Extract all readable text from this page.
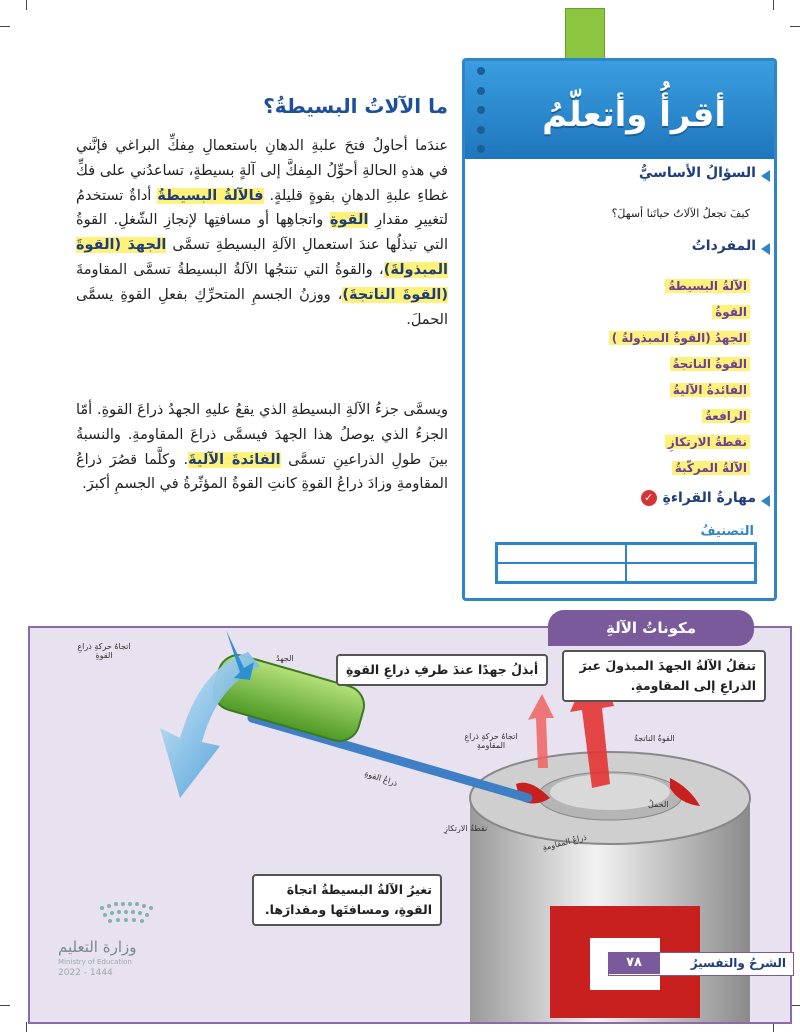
أقرأُ وأتعلّمُ
السؤالُ الأساسيُّ
كيفَ تجعلُ الآلاتُ حياتَنا أسهلَ؟
المفرداتُ
الآلةُ البسيطةُ
القوةُ
الجهدُ (القوةُ المبذولةُ )
القوةُ الناتجةُ
الفائدةُ الآليةُ
الرافعةُ
نقطةُ الارتكازِ
الآلةُ المركّبةُ
مهارةُ القراءةِ
✓
التصنيفُ
ما الآلاتُ البسيطةُ؟
عندَما أحاولُ فتحَ علبةِ الدهانِ باستعمالِ مِفكِّ البراغي فإنَّني في هذهِ الحالةِ أحوِّلُ المِفكَّ إلى آلةٍ بسيطةٍ، تساعدُني على فكِّ غطاءِ علبةِ الدهانِ بقوةٍ قليلةٍ. فالآلةُ البسيطةُ أداةٌ تستخدمُ لتغييرِ مقدارِ القوةِ واتجاهِها أو مسافتِها لإنجازِ الشّغلِ. القوةُ التي تبذلُها عندَ استعمالِ الآلةِ البسيطةِ تسمَّى الجهدَ (القوةَ المبذولةَ)، والقوةُ التي تنتجُها الآلةُ البسيطةُ تسمَّى المقاومةَ (القوةَ الناتجةَ)، ووزنُ الجسمِ المتحرِّكِ بفعلِ القوةِ يسمَّى الحملَ.
ويسمَّى جزءُ الآلةِ البسيطةِ الذي يقعُ عليهِ الجهدُ ذراعَ القوةِ. أمّا الجزءُ الذي يوصلُ هذا الجهدَ فيسمَّى ذراعَ المقاومةِ. والنسبةُ بينَ طولِ الذراعينِ تسمَّى الفائدةَ الآليةَ. وكلَّما قصُرَ ذراعُ المقاومةِ وزادَ ذراعُ القوةِ كانتِ القوةُ المؤثّرةُ في الجسمِ أكبرَ.
تنقلُ الآلةُ الجهدَ المبذولَ عبرَ الذراعِ إلى المقاومةِ.
أبذلُ جهدًا عندَ طرفِ ذراعِ القوةِ
تغيرُ الآلةُ البسيطةُ اتجاهَ القوةِ، ومسافتَها ومقدارَها.
اتجاهُ حركةِ ذراعِ القوةِ	الجهدُ
اتجاهُ حركةِ ذراعِ المقاومةِ
القوةُ الناتجةُ
الحملُ
ذراعُ القوةِ
نقطةُ الارتكازِ
ذراعُ المقاومةِ
مكوناتُ الآلةِ
٧٨	الشرحُ والتفسيرُ
وزارة التعليم
Ministry of Education
2022 - 1444
